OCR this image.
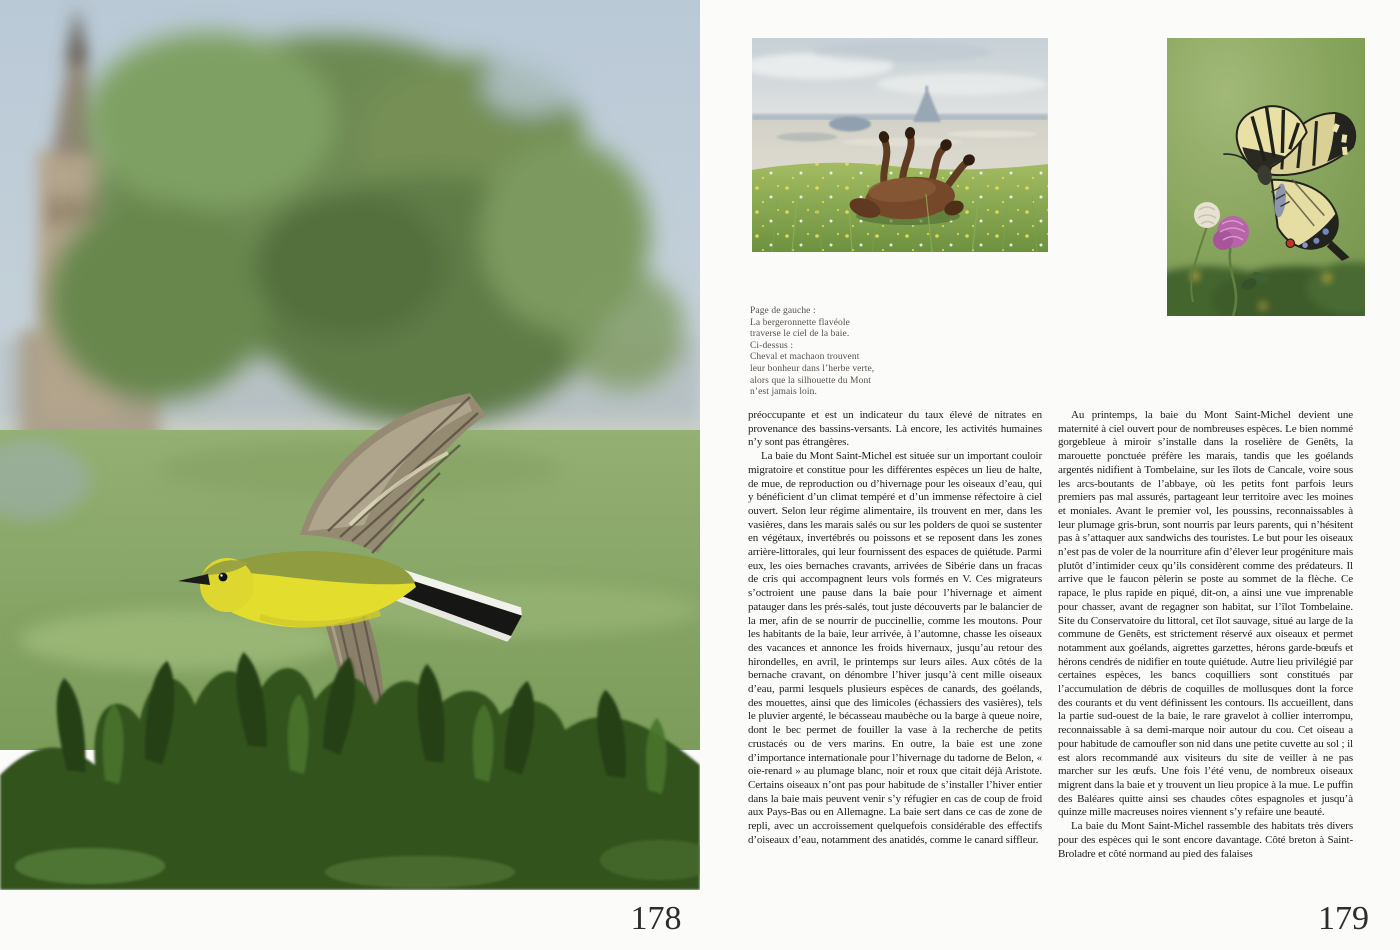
178
Page de gauche :
La bergeronnette flavéole
traverse le ciel de la baie.
Ci-dessus :
Cheval et machaon trouvent
leur bonheur dans l’herbe verte,
alors que la silhouette du Mont
n’est jamais loin.

préoccupante et est un indicateur du taux élevé de nitrates en provenance des bassins-versants. Là encore, les activités humaines n’y sont pas étrangères.

La baie du Mont Saint-Michel est située sur un important couloir migratoire et constitue pour les différentes espèces un lieu de halte, de mue, de reproduction ou d’hivernage pour les oiseaux d’eau, qui y bénéficient d’un climat tempéré et d’un immense réfectoire à ciel ouvert. Selon leur régime alimentaire, ils trouvent en mer, dans les vasières, dans les marais salés ou sur les polders de quoi se sustenter en végétaux, invertébrés ou poissons et se reposent dans les zones arrière-littorales, qui leur fournissent des espaces de quiétude. Parmi eux, les oies bernaches cravants, arrivées de Sibérie dans un fracas de cris qui accompagnent leurs vols formés en V. Ces migrateurs s’octroient une pause dans la baie pour l’hivernage et aiment patauger dans les prés-salés, tout juste découverts par le balancier de la mer, afin de se nourrir de puccinellie, comme les moutons. Pour les habitants de la baie, leur arrivée, à l’automne, chasse les oiseaux des vacances et annonce les froids hivernaux, jusqu’au retour des hirondelles, en avril, le printemps sur leurs ailes. Aux côtés de la bernache cravant, on dénombre l’hiver jusqu’à cent mille oiseaux d’eau, parmi lesquels plusieurs espèces de canards, des goélands, des mouettes, ainsi que des limicoles (échassiers des vasières), tels le pluvier argenté, le bécasseau maubèche ou la barge à queue noire, dont le bec permet de fouiller la vase à la recherche de petits crustacés ou de vers marins. En outre, la baie est une zone d’importance internationale pour l’hivernage du tadorne de Belon, « oie-renard » au plumage blanc, noir et roux que citait déjà Aristote. Certains oiseaux n’ont pas pour habitude de s’installer l’hiver entier dans la baie mais peuvent venir s’y réfugier en cas de coup de froid aux Pays-Bas ou en Allemagne. La baie sert dans ce cas de zone de repli, avec un accroissement quelquefois considérable des effectifs d’oiseaux d’eau, notamment des anatidés, comme le canard siffleur.

Au printemps, la baie du Mont Saint-Michel devient une maternité à ciel ouvert pour de nombreuses espèces. Le bien nommé gorgebleue à miroir s’installe dans la roselière de Genêts, la marouette ponctuée préfère les marais, tandis que les goélands argentés nidifient à Tombelaine, sur les îlots de Cancale, voire sous les arcs-boutants de l’abbaye, où les petits font parfois leurs premiers pas mal assurés, partageant leur territoire avec les moines et moniales. Avant le premier vol, les poussins, reconnaissables à leur plumage gris-brun, sont nourris par leurs parents, qui n’hésitent pas à s’attaquer aux sandwichs des touristes. Le but pour les oiseaux n’est pas de voler de la nourriture afin d’élever leur progéniture mais plutôt d’intimider ceux qu’ils considèrent comme des prédateurs. Il arrive que le faucon pèlerin se poste au sommet de la flèche. Ce rapace, le plus rapide en piqué, dit-on, a ainsi une vue imprenable pour chasser, avant de regagner son habitat, sur l’îlot Tombelaine. Site du Conservatoire du littoral, cet îlot sauvage, situé au large de la commune de Genêts, est strictement réservé aux oiseaux et permet notamment aux goélands, aigrettes garzettes, hérons garde-bœufs et hérons cendrés de nidifier en toute quiétude. Autre lieu privilégié par certaines espèces, les bancs coquilliers sont constitués par l’accumulation de débris de coquilles de mollusques dont la force des courants et du vent définissent les contours. Ils accueillent, dans la partie sud-ouest de la baie, le rare gravelot à collier interrompu, reconnaissable à sa demi-marque noir autour du cou. Cet oiseau a pour habitude de camoufler son nid dans une petite cuvette au sol ; il est alors recommandé aux visiteurs du site de veiller à ne pas marcher sur les œufs. Une fois l’été venu, de nombreux oiseaux migrent dans la baie et y trouvent un lieu propice à la mue. Le puffin des Baléares quitte ainsi ses chaudes côtes espagnoles et jusqu’à quinze mille macreuses noires viennent s’y refaire une beauté.

La baie du Mont Saint-Michel rassemble des habitats très divers pour des espèces qui le sont encore davantage. Côté breton à Saint-Broladre et côté normand au pied des falaises

179
